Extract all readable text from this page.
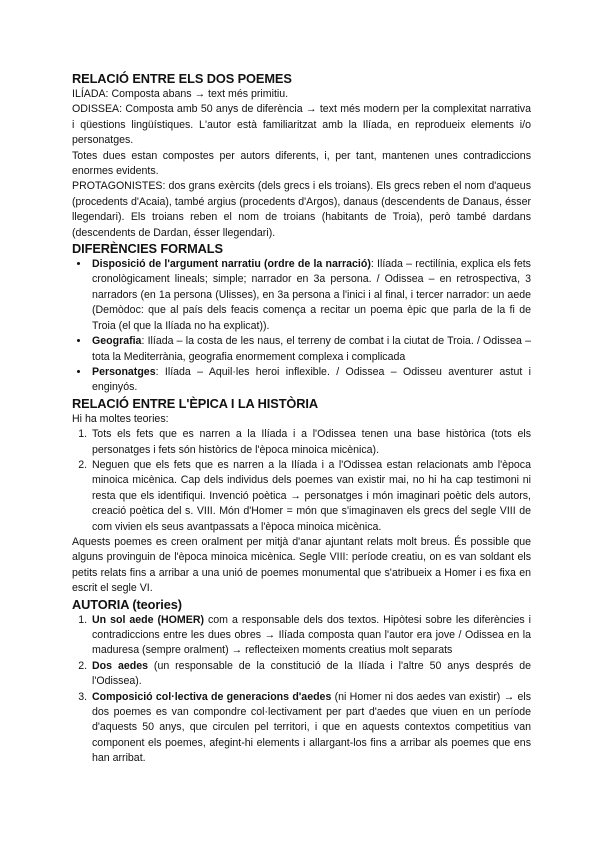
RELACIÓ ENTRE ELS DOS POEMES

ILÍADA: Composta abans → text més primitiu.

ODISSEA: Composta amb 50 anys de diferència → text més modern per la complexitat narrativa i qüestions lingüístiques. L'autor està familiaritzat amb la Ilíada, en reprodueix elements i/o personatges.

Totes dues estan compostes per autors diferents, i, per tant, mantenen unes contradiccions enormes evidents.

PROTAGONISTES: dos grans exèrcits (dels grecs i els troians). Els grecs reben el nom d'aqueus (procedents d'Acaia), també argius (procedents d'Argos), danaus (descendents de Danaus, ésser llegendari). Els troians reben el nom de troians (habitants de Troia), però també dardans (descendents de Dardan, ésser llegendari).

DIFERÈNCIES FORMALS
• Disposició de l'argument narratiu (ordre de la narració): Ilíada – rectilínia, explica els fets cronològicament lineals; simple; narrador en 3a persona. / Odissea – en retrospectiva, 3 narradors (en 1a persona (Ulisses), en 3a persona a l'inici i al final, i tercer narrador: un aede (Demòdoc: que al país dels feacis comença a recitar un poema èpic que parla de la fi de Troia (el que la Ilíada no ha explicat)).
• Geografia: Ilíada – la costa de les naus, el terreny de combat i la ciutat de Troia. / Odissea – tota la Mediterrània, geografia enormement complexa i complicada
• Personatges: Ilíada – Aquil·les heroi inflexible. / Odissea – Odisseu aventurer astut i enginyós.
RELACIÓ ENTRE L'ÈPICA I LA HISTÒRIA

Hi ha moltes teories:

1. Tots els fets que es narren a la Ilíada i a l'Odissea tenen una base històrica (tots els personatges i fets són històrics de l'època minoica micènica).
2. Neguen que els fets que es narren a la Ilíada i a l'Odissea estan relacionats amb l'època minoica micènica. Cap dels individus dels poemes van existir mai, no hi ha cap testimoni ni resta que els identifiqui. Invenció poètica → personatges i món imaginari poètic dels autors, creació poètica del s. VIII. Món d'Homer = món que s'imaginaven els grecs del segle VIII de com vivien els seus avantpassats a l'època minoica micènica.

Aquests poemes es creen oralment per mitjà d'anar ajuntant relats molt breus. És possible que alguns provinguin de l'època minoica micènica. Segle VIII: període creatiu, on es van soldant els petits relats fins a arribar a una unió de poemes monumental que s'atribueix a Homer i es fixa en escrit el segle VI.

AUTORIA (teories)
1. Un sol aede (HOMER) com a responsable dels dos textos. Hipòtesi sobre les diferències i contradiccions entre les dues obres → Ilíada composta quan l'autor era jove / Odissea en la maduresa (sempre oralment) → reflecteixen moments creatius molt separats
2. Dos aedes (un responsable de la constitució de la Ilíada i l'altre 50 anys després de l'Odissea).
3. Composició col·lectiva de generacions d'aedes (ni Homer ni dos aedes van existir) → els dos poemes es van compondre col·lectivament per part d'aedes que viuen en un període d'aquests 50 anys, que circulen pel territori, i que en aquests contextos competitius van component els poemes, afegint-hi elements i allargant-los fins a arribar als poemes que ens han arribat.
